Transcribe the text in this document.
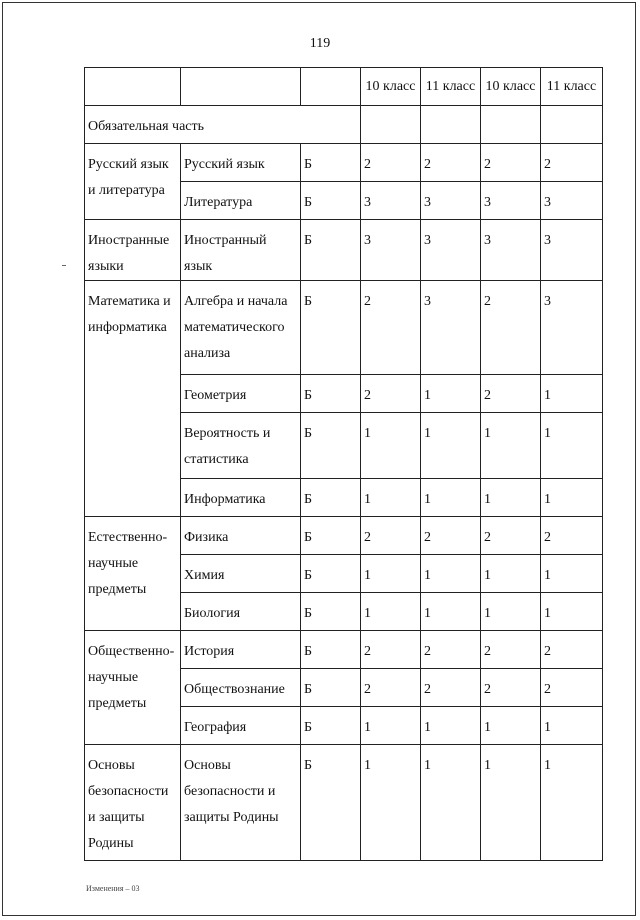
119
			10 класс	11 класс	10 класс	11 класс
Обязательная часть						
Русский язык и литература	Русский язык	Б	2	2	2	2
	Литература	Б	3	3	3	3
Иностранные языки	Иностранный язык	Б	3	3	3	3
Математика и информатика	Алгебра и начала математического анализа	Б	2	3	2	3
	Геометрия	Б	2	1	2	1
	Вероятность и статистика	Б	1	1	1	1
	Информатика	Б	1	1	1	1
Естественно-научные предметы	Физика	Б	2	2	2	2
	Химия	Б	1	1	1	1
	Биология	Б	1	1	1	1
Общественно-научные предметы	История	Б	2	2	2	2
	Обществознание	Б	2	2	2	2
	География	Б	1	1	1	1
Основы безопасности и защиты Родины	Основы безопасности и защиты Родины	Б	1	1	1	1
Изменения – 03
